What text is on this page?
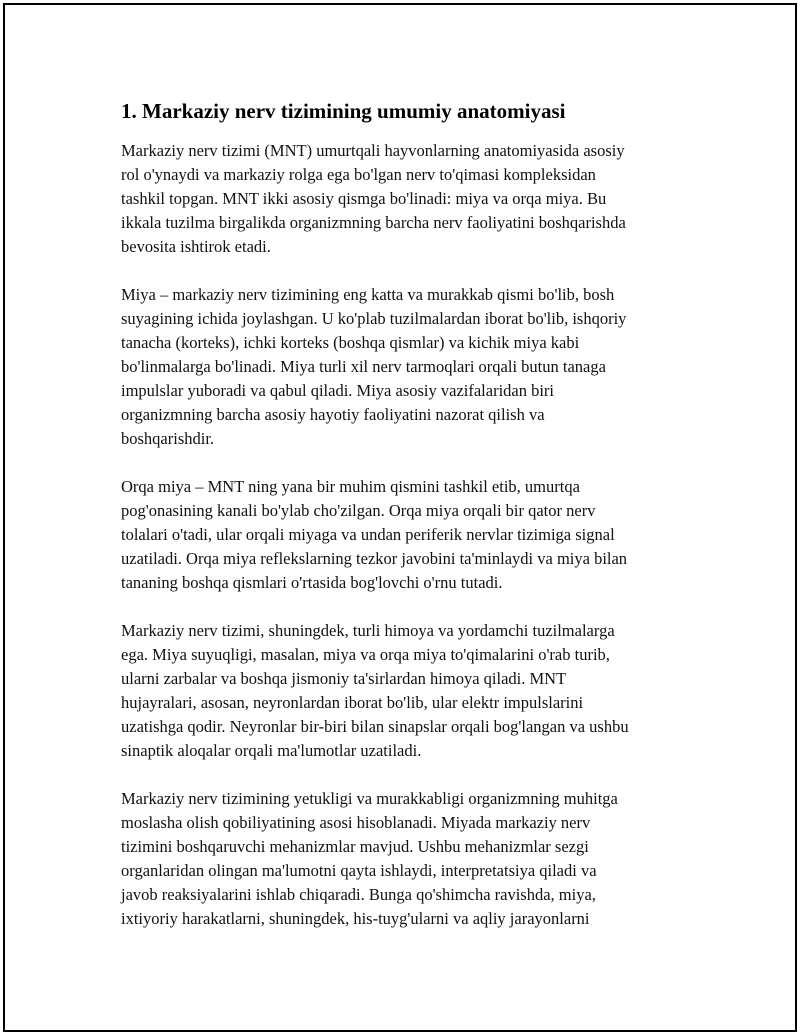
1. Markaziy nerv tizimining umumiy anatomiyasi

Markaziy nerv tizimi (MNT) umurtqali hayvonlarning anatomiyasida asosiy
rol o'ynaydi va markaziy rolga ega bo'lgan nerv to'qimasi kompleksidan
tashkil topgan. MNT ikki asosiy qismga bo'linadi: miya va orqa miya. Bu
ikkala tuzilma birgalikda organizmning barcha nerv faoliyatini boshqarishda
bevosita ishtirok etadi.

Miya – markaziy nerv tizimining eng katta va murakkab qismi bo'lib, bosh
suyagining ichida joylashgan. U ko'plab tuzilmalardan iborat bo'lib, ishqoriy
tanacha (korteks), ichki korteks (boshqa qismlar) va kichik miya kabi
bo'linmalarga bo'linadi. Miya turli xil nerv tarmoqlari orqali butun tanaga
impulslar yuboradi va qabul qiladi. Miya asosiy vazifalaridan biri
organizmning barcha asosiy hayotiy faoliyatini nazorat qilish va
boshqarishdir.

Orqa miya – MNT ning yana bir muhim qismini tashkil etib, umurtqa
pog'onasining kanali bo'ylab cho'zilgan. Orqa miya orqali bir qator nerv
tolalari o'tadi, ular orqali miyaga va undan periferik nervlar tizimiga signal
uzatiladi. Orqa miya reflekslarning tezkor javobini ta'minlaydi va miya bilan
tananing boshqa qismlari o'rtasida bog'lovchi o'rnu tutadi.

Markaziy nerv tizimi, shuningdek, turli himoya va yordamchi tuzilmalarga
ega. Miya suyuqligi, masalan, miya va orqa miya to'qimalarini o'rab turib,
ularni zarbalar va boshqa jismoniy ta'sirlardan himoya qiladi. MNT
hujayralari, asosan, neyronlardan iborat bo'lib, ular elektr impulslarini
uzatishga qodir. Neyronlar bir-biri bilan sinapslar orqali bog'langan va ushbu
sinaptik aloqalar orqali ma'lumotlar uzatiladi.

Markaziy nerv tizimining yetukligi va murakkabligi organizmning muhitga
moslasha olish qobiliyatining asosi hisoblanadi. Miyada markaziy nerv
tizimini boshqaruvchi mehanizmlar mavjud. Ushbu mehanizmlar sezgi
organlaridan olingan ma'lumotni qayta ishlaydi, interpretatsiya qiladi va
javob reaksiyalarini ishlab chiqaradi. Bunga qo'shimcha ravishda, miya,
ixtiyoriy harakatlarni, shuningdek, his-tuyg'ularni va aqliy jarayonlarni
